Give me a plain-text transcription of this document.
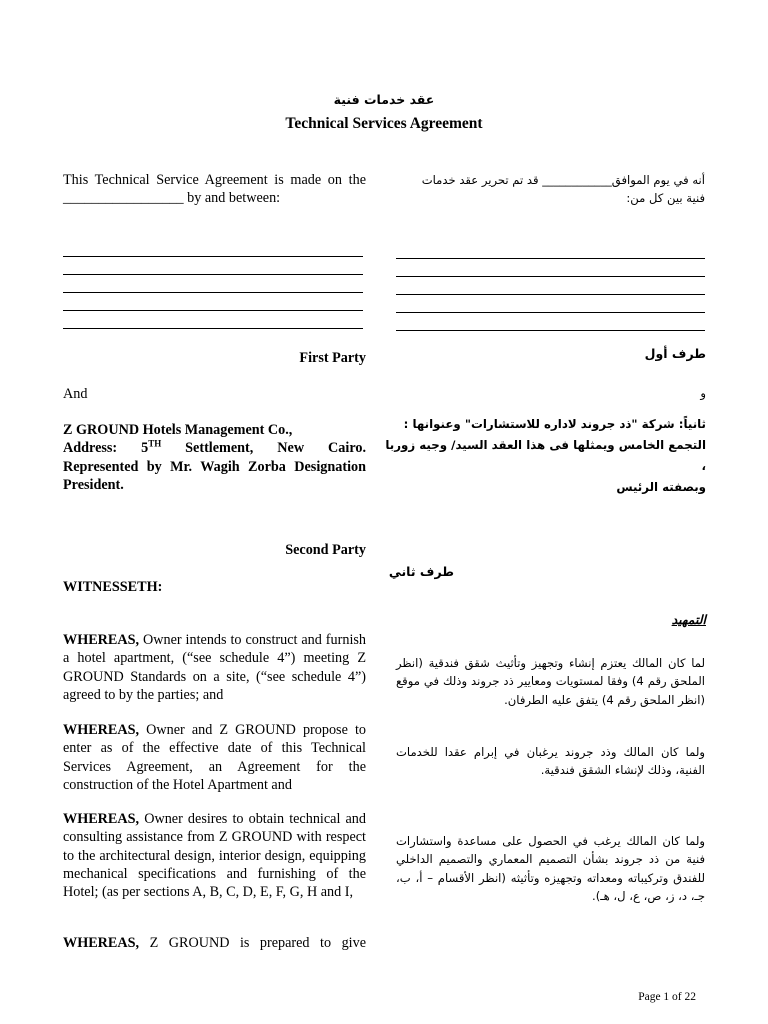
عقد خدمات فنية
Technical Services Agreement
This Technical Service Agreement is made on the _________________ by and between:
أنه في يوم الموافق____________ قد تم تحرير عقد خدمات
فنية بين كل من:
First Party	طرف أول
And	و
Z GROUND Hotels Management Co.,
Address: 5TH Settlement, New Cairo.
Represented by Mr. Wagih Zorba Designation President.
ثانياً: شركة "ذد جروند لاداره للاستشارات" وعنوانها :
التجمع الخامس ويمثلها فى هذا العقد السيد/ وجيه زوربا ،
وبصفته الرئيس
Second Party
طرف ثاني
WITNESSETH:
التمهيد
WHEREAS, Owner intends to construct and furnish a hotel apartment, (“see schedule 4”) meeting Z GROUND Standards on a site, (“see schedule 4”) agreed to by the parties; and
لما كان المالك يعتزم إنشاء وتجهيز وتأثيث شقق فندقية (انظر الملحق رقم 4) وفقا لمستويات ومعايير ذد جروند وذلك في موقع (انظر الملحق رقم 4) يتفق عليه الطرفان.
WHEREAS, Owner and Z GROUND propose to enter as of the effective date of this Technical Services Agreement, an Agreement for the construction of the Hotel Apartment and
ولما كان المالك وذد جروند يرغبان في إبرام عقدا للخدمات الفنية، وذلك لإنشاء الشقق فندقية.
WHEREAS, Owner desires to obtain technical and consulting assistance from Z GROUND with respect to the architectural design, interior design, equipping mechanical specifications and furnishing of the Hotel; (as per sections A, B, C, D, E, F, G, H and I,
ولما كان المالك يرغب في الحصول على مساعدة واستشارات فنية من ذد جروند بشأن التصميم المعماري والتصميم الداخلي للفندق وتركيباته ومعداته وتجهيزه وتأثيثه (انظر الأقسام – أ، ب، جـ، د، ز، ص، ع، ل، هـ).
WHEREAS, Z GROUND is prepared to give
Page 1 of 22
